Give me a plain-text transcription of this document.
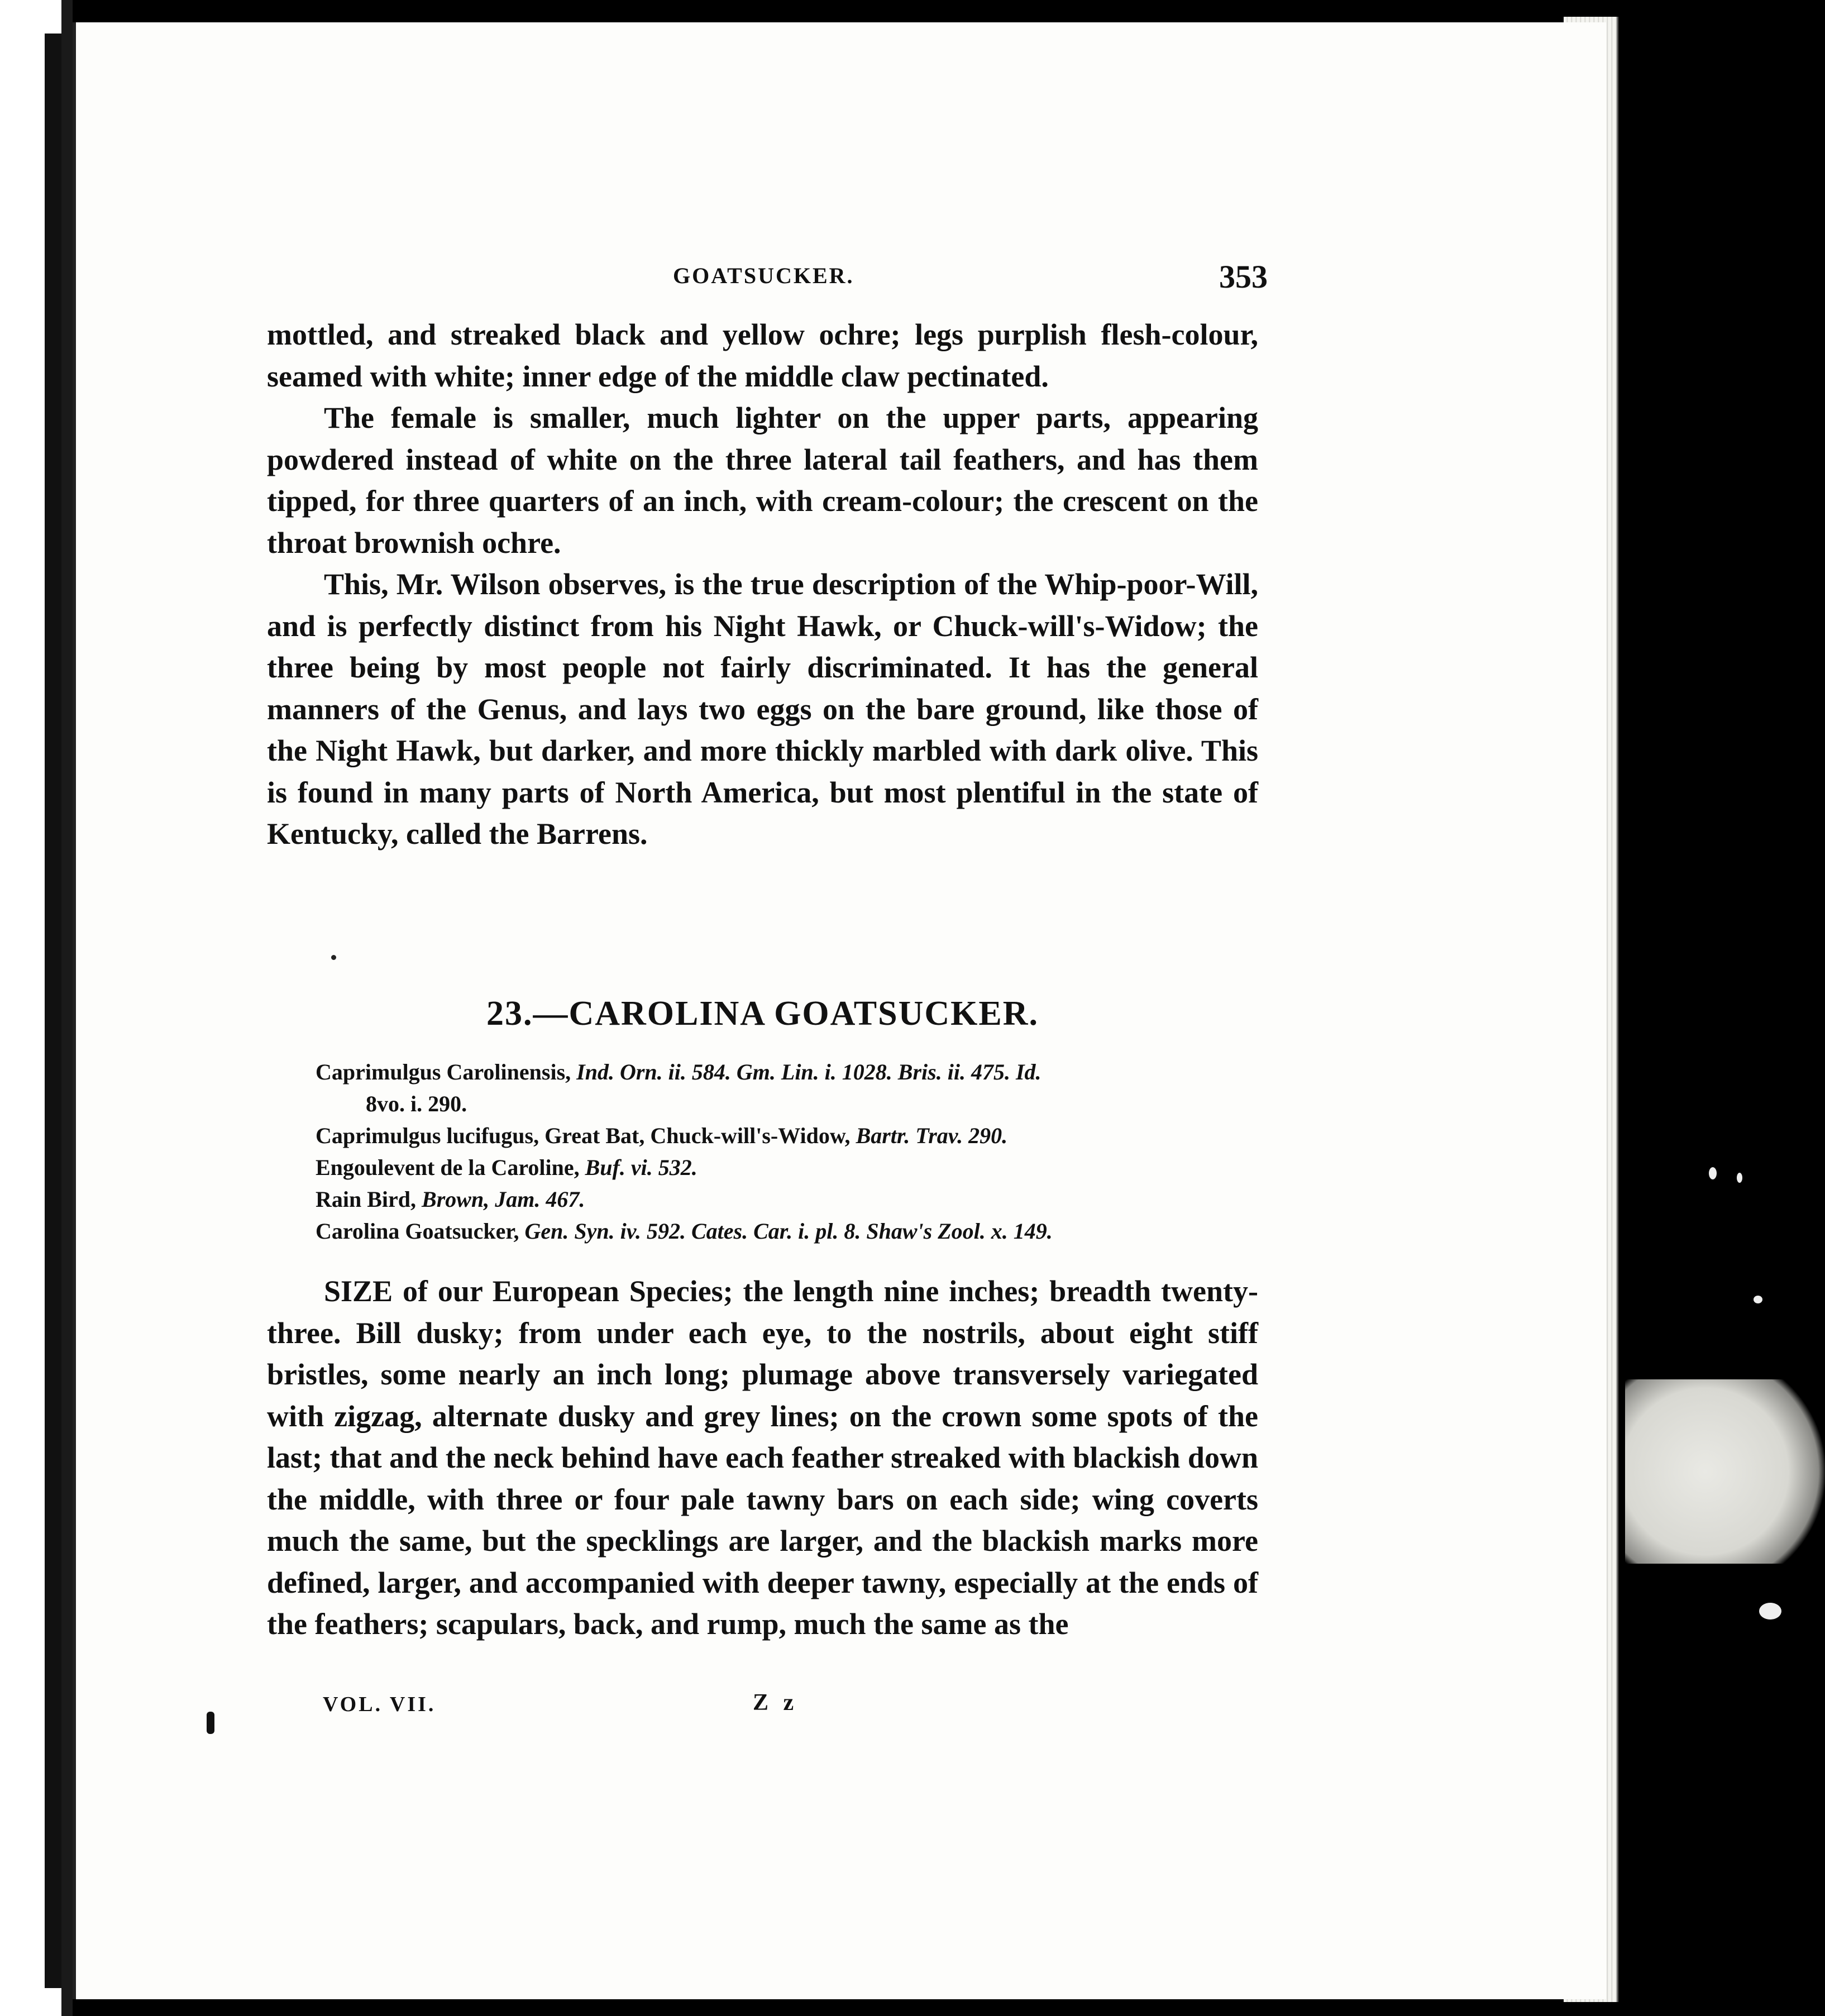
GOATSUCKER.	353

mottled, and streaked black and yellow ochre; legs purplish flesh-colour, seamed with white; inner edge of the middle claw pectinated.

The female is smaller, much lighter on the upper parts, appearing powdered instead of white on the three lateral tail feathers, and has them tipped, for three quarters of an inch, with cream-colour; the crescent on the throat brownish ochre.

This, Mr. Wilson observes, is the true description of the Whip-poor-Will, and is perfectly distinct from his Night Hawk, or Chuck-will's-Widow; the three being by most people not fairly discriminated. It has the general manners of the Genus, and lays two eggs on the bare ground, like those of the Night Hawk, but darker, and more thickly marbled with dark olive. This is found in many parts of North America, but most plentiful in the state of Kentucky, called the Barrens.

23.—CAROLINA GOATSUCKER.

Caprimulgus Carolinensis, Ind. Orn. ii. 584. Gm. Lin. i. 1028. Bris. ii. 475. Id.
8vo. i. 290.

Caprimulgus lucifugus, Great Bat, Chuck-will's-Widow, Bartr. Trav. 290.

Engoulevent de la Caroline, Buf. vi. 532.

Rain Bird, Brown, Jam. 467.

Carolina Goatsucker, Gen. Syn. iv. 592. Cates. Car. i. pl. 8. Shaw's Zool. x. 149.

SIZE of our European Species; the length nine inches; breadth twenty-three. Bill dusky; from under each eye, to the nostrils, about eight stiff bristles, some nearly an inch long; plumage above transversely variegated with zigzag, alternate dusky and grey lines; on the crown some spots of the last; that and the neck behind have each feather streaked with blackish down the middle, with three or four pale tawny bars on each side; wing coverts much the same, but the specklings are larger, and the blackish marks more defined, larger, and accompanied with deeper tawny, especially at the ends of the feathers; scapulars, back, and rump, much the same as the

VOL. VII.	Z z
